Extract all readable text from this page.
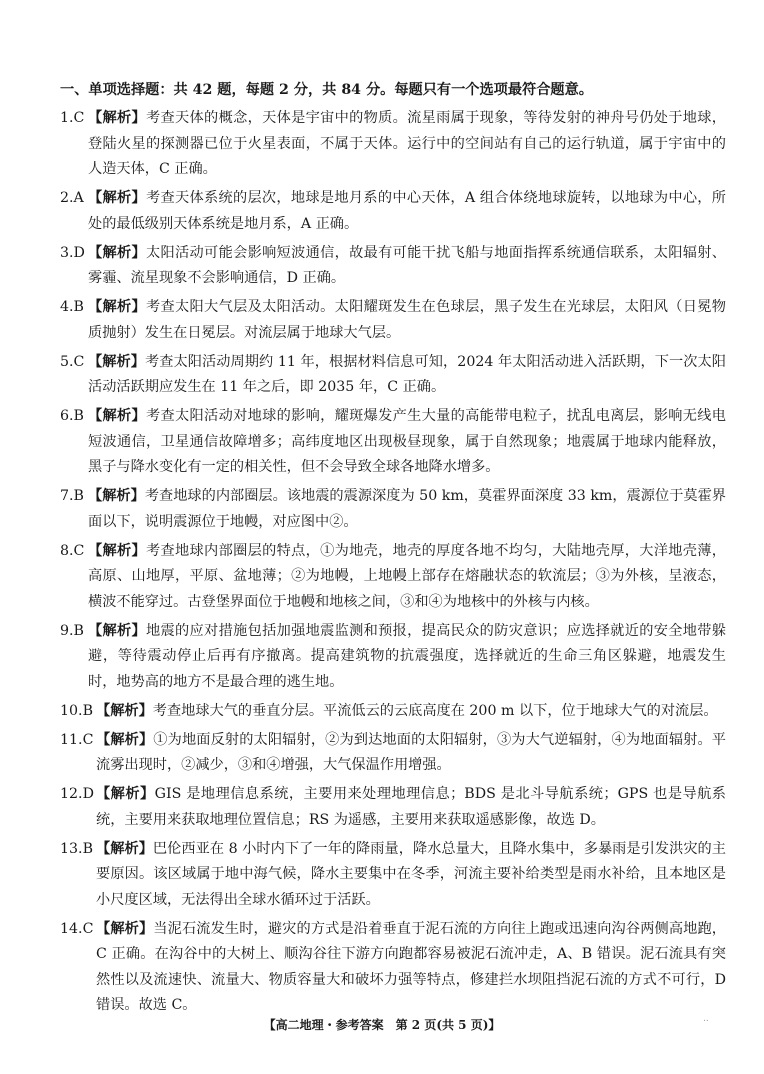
一、单项选择题：共 42 题，每题 2 分，共 84 分。每题只有一个选项最符合题意。
1.C 【解析】考查天体的概念，天体是宇宙中的物质。流星雨属于现象，等待发射的神舟号仍处于地球，登陆火星的探测器已位于火星表面，不属于天体。运行中的空间站有自己的运行轨道，属于宇宙中的人造天体，C 正确。
2.A 【解析】考查天体系统的层次，地球是地月系的中心天体，A 组合体绕地球旋转，以地球为中心，所处的最低级别天体系统是地月系，A 正确。
3.D 【解析】太阳活动可能会影响短波通信，故最有可能干扰飞船与地面指挥系统通信联系，太阳辐射、雾霾、流星现象不会影响通信，D 正确。
4.B 【解析】考查太阳大气层及太阳活动。太阳耀斑发生在色球层，黑子发生在光球层，太阳风（日冕物质抛射）发生在日冕层。对流层属于地球大气层。
5.C 【解析】考查太阳活动周期约 11 年，根据材料信息可知，2024 年太阳活动进入活跃期，下一次太阳活动活跃期应发生在 11 年之后，即 2035 年，C 正确。
6.B 【解析】考查太阳活动对地球的影响，耀斑爆发产生大量的高能带电粒子，扰乱电离层，影响无线电短波通信，卫星通信故障增多；高纬度地区出现极昼现象，属于自然现象；地震属于地球内能释放，黑子与降水变化有一定的相关性，但不会导致全球各地降水增多。
7.B 【解析】考查地球的内部圈层。该地震的震源深度为 50 km，莫霍界面深度 33 km，震源位于莫霍界面以下，说明震源位于地幔，对应图中②。
8.C 【解析】考查地球内部圈层的特点，①为地壳，地壳的厚度各地不均匀，大陆地壳厚，大洋地壳薄，高原、山地厚，平原、盆地薄；②为地幔，上地幔上部存在熔融状态的软流层；③为外核，呈液态，横波不能穿过。古登堡界面位于地幔和地核之间，③和④为地核中的外核与内核。
9.B 【解析】地震的应对措施包括加强地震监测和预报，提高民众的防灾意识；应选择就近的安全地带躲避，等待震动停止后再有序撤离。提高建筑物的抗震强度，选择就近的生命三角区躲避，地震发生时，地势高的地方不是最合理的逃生地。
10.B 【解析】考查地球大气的垂直分层。平流低云的云底高度在 200 m 以下，位于地球大气的对流层。
11.C 【解析】①为地面反射的太阳辐射，②为到达地面的太阳辐射，③为大气逆辐射，④为地面辐射。平流雾出现时，②减少，③和④增强，大气保温作用增强。
12.D 【解析】GIS 是地理信息系统，主要用来处理地理信息；BDS 是北斗导航系统；GPS 也是导航系统，主要用来获取地理位置信息；RS 为遥感，主要用来获取遥感影像，故选 D。
13.B 【解析】巴伦西亚在 8 小时内下了一年的降雨量，降水总量大，且降水集中，多暴雨是引发洪灾的主要原因。该区域属于地中海气候，降水主要集中在冬季，河流主要补给类型是雨水补给，且本地区是小尺度区域，无法得出全球水循环过于活跃。
14.C 【解析】当泥石流发生时，避灾的方式是沿着垂直于泥石流的方向往上跑或迅速向沟谷两侧高地跑，C 正确。在沟谷中的大树上、顺沟谷往下游方向跑都容易被泥石流冲走，A、B 错误。泥石流具有突然性以及流速快、流量大、物质容量大和破坏力强等特点，修建拦水坝阻挡泥石流的方式不可行，D 错误。故选 C。
【高二地理・参考答案　第 2 页(共 5 页)】	..
